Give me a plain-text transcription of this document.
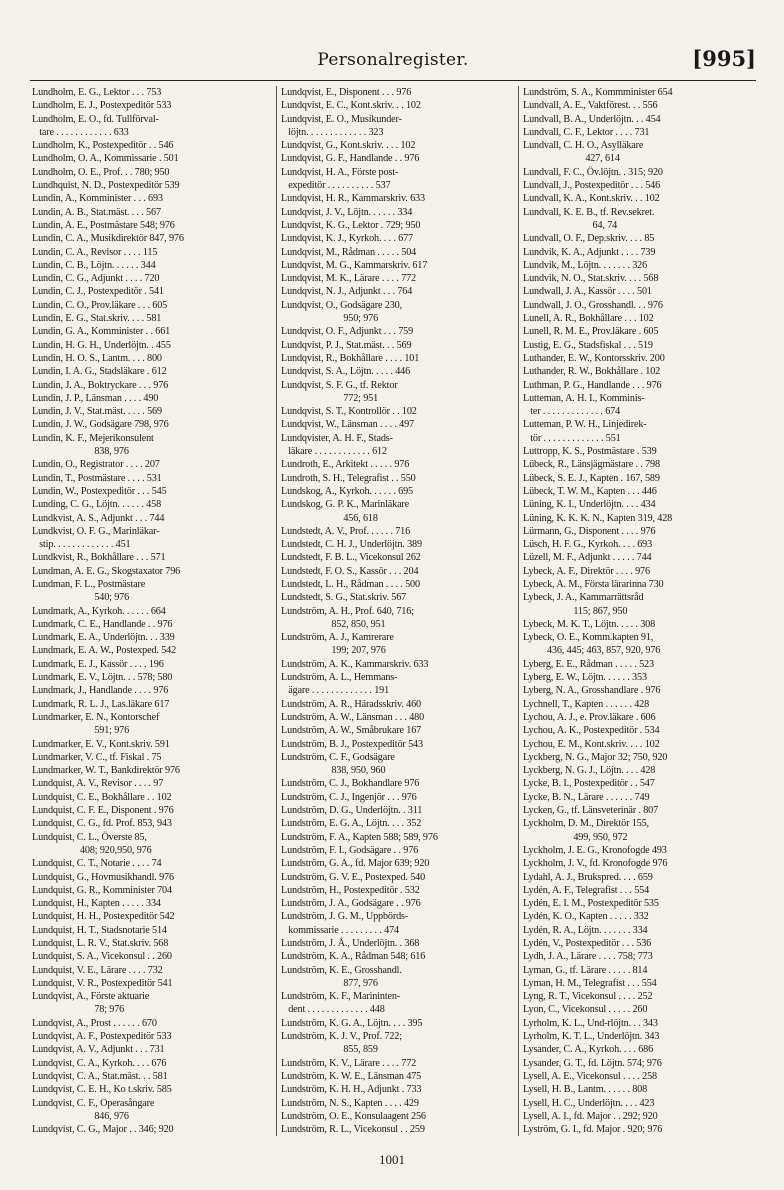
Personalregister.	[995]
Lundholm, E. G., Lektor . . . 753
Lundholm, E. J., Postexpeditör 533
Lundholm, E. O., fd. Tullförval-
tare . . . . . . . . . . . . 633
Lundholm, K., Postexpeditör . . 546
Lundholm, O. A., Kommissarie . 501
Lundholm, O. E., Prof. . . 780; 950
Lundhquist, N. D., Postexpeditör 539
Lundin, A., Komminister . . . 693
Lundin, A. B., Stat.mäst. . . . 567
Lundin, A. E., Postmästare 548; 976
Lundin, C. A., Musikdirektör 847, 976
Lundin, C. A., Revisor . . . . 115
Lundin, C. B., Löjtn. . . . . . 344
Lundin, C. G., Adjunkt . . . . 720
Lundin, C. J., Postexpeditör . 541
Lundin, C. O., Prov.läkare . . . 605
Lundin, E. G., Stat.skriv. . . . 581
Lundin, G. A., Komminister . . 661
Lundin, H. G. H., Underlöjtn. . 455
Lundin, H. O. S., Lantm. . . . 800
Lundin, I. A. G., Stadsläkare . 612
Lundin, J. A., Boktryckare . . . 976
Lundin, J. P., Länsman . . . . 490
Lundin, J. V., Stat.mäst. . . . . 569
Lundin, J. W., Godsägare 798, 976
Lundin, K. F., Mejerikonsulent
838, 976
Lundin, O., Registrator . . . . 207
Lundin, T., Postmästare . . . . 531
Lundin, W., Postexpeditör . . . 545
Lunding, C. G., Löjtn. . . . . . 458
Lundkvist, A. S., Adjunkt . . . 744
Lundkvist, O. F. G., Marinläkar-
stip. . . . . . . . . . . . . 451
Lundkvist, R., Bokhållare . . . 571
Lundman, A. E. G., Skogstaxator 796
Lundman, F. L., Postmästare
540; 976
Lundmark, A., Kyrkoh. . . . . . 664
Lundmark, C. E., Handlande . . 976
Lundmark, E. A., Underlöjtn. . . 339
Lundmark, E. A. W., Postexped. 542
Lundmark, E. J., Kassör . . . . 196
Lundmark, E. V., Löjtn. . . 578; 580
Lundmark, J., Handlande . . . . 976
Lundmark, R. L. J., Las.läkare 617
Lundmarker, E. N., Kontorschef
591; 976
Lundmarker, E. V., Kont.skriv. 591
Lundmarker, V. C., tf. Fiskal . 75
Lundmarker, W. T., Bankdirektör 976
Lundquist, A. V., Revisor . . . . 97
Lundquist, C. E., Bokhållare . . 102
Lundquist, C. F. E., Disponent . 976
Lundquist, C. G., fd. Prof. 853, 943
Lundquist, C. L., Överste 85,
408; 920,950, 976
Lundquist, C. T., Notarie . . . . 74
Lundquist, G., Hovmusikhandl. 976
Lundquist, G. R., Komminister 704
Lundquist, H., Kapten . . . . . 334
Lundquist, H. H., Postexpeditör 542
Lundquist, H. T., Stadsnotarie 514
Lundquist, L. R. V., Stat.skriv. 568
Lundquist, S. A., Vicekonsul . . 260
Lundquist, V. E., Lärare . . . . 732
Lundquist, V. R., Postexpeditör 541
Lundqvist, A., Förste aktuarie
78; 976
Lundqvist, A., Prost . . . . . . 670
Lundqvist, A. F., Postexpeditör 533
Lundqvist, A. V., Adjunkt . . . 731
Lundqvist, C. A., Kyrkoh. . . . 676
Lundqvist, C. A., Stat.mäst. . . 581
Lundqvist, C. E. H., Ko t.skriv. 585
Lundqvist, C. F., Operasångare
846, 976
Lundqvist, C. G., Major . . 346; 920
Lundqvist, E., Disponent . . . 976
Lundqvist, E. C., Kont.skriv. . . 102
Lundqvist, E. O., Musikunder-
löjtn. . . . . . . . . . . . . 323
Lundqvist, G., Kont.skriv. . . . 102
Lundqvist, G. F., Handlande . . 976
Lundqvist, H. A., Förste post-
expeditör . . . . . . . . . . 537
Lundqvist, H. R., Kammarskriv. 633
Lundqvist, J. V., Löjtn. . . . . . 334
Lundqvist, K. G., Lektor . 729; 950
Lundqvist, K. J., Kyrkoh. . . . 677
Lundqvist, M., Rådman . . . . . 504
Lundqvist, M. G., Kammarskriv. 617
Lundqvist, M. K., Lärare . . . . 772
Lundqvist, N. J., Adjunkt . . . 764
Lundqvist, O., Godsägare 230,
950; 976
Lundqvist, O. F., Adjunkt . . . 759
Lundqvist, P. J., Stat.mäst. . . 569
Lundqvist, R., Bokhållare . . . . 101
Lundqvist, S. A., Löjtn. . . . . 446
Lundqvist, S. F. G., tf. Rektor
772; 951
Lundqvist, S. T., Kontrollör . . 102
Lundqvist, W., Länsman . . . . 497
Lundqvister, A. H. F., Stads-
läkare . . . . . . . . . . . . 612
Lundroth, E., Arkitekt . . . . . 976
Lundroth, S. H., Telegrafist . . 550
Lundskog, A., Kyrkoh. . . . . . 695
Lundskog, G. P. K., Marinläkare
456, 618
Lundstedt, A. V., Prof. . . . . . 716
Lundstedt, C. H. J., Underlöjtn. 389
Lundstedt, F. B. L., Vicekonsul 262
Lundstedt, F. O. S., Kassör . . . 204
Lundstedt, L. H., Rådman . . . . 500
Lundstedt, S. G., Stat.skriv. 567
Lundström, A. H., Prof. 640, 716;
852, 850, 951
Lundström, A. J., Kamrerare
199; 207, 976
Lundström, A. K., Kammarskriv. 633
Lundström, A. L., Hemmans-
ägare . . . . . . . . . . . . . 191
Lundström, A. R., Häradsskriv. 460
Lundström, A. W., Länsman . . . 480
Lundström, A. W., Småbrukare 167
Lundström, B. J., Postexpeditör 543
Lundström, C. F., Godsägare
838, 950, 960
Lundström, C. J., Bokhandlare 976
Lundström, C. J., Ingenjör . . . 976
Lundström, D. G., Underlöjtn. . 311
Lundström, E. G. A., Löjtn. . . . 352
Lundström, F. A., Kapten 588; 589, 976
Lundström, F. I., Godsägare . . 976
Lundström, G. A., fd. Major 639; 920
Lundström, G. V. E., Postexped. 540
Lundström, H., Postexpeditör . 532
Lundström, J. A., Godsägare . . 976
Lundström, J. G. M., Uppbörds-
kommissarie . . . . . . . . . 474
Lundström, J. Å., Underlöjtn. . 368
Lundström, K. A., Rådman 548; 616
Lundström, K. E., Grosshandl.
877, 976
Lundström, K. F., Marininten-
dent . . . . . . . . . . . . . 448
Lundström, K. G. A., Löjtn. . . . 395
Lundström, K. J. V., Prof. 722;
855, 859
Lundström, K. V., Lärare . . . . 772
Lundström, K. W. E., Länsman 475
Lundström, K. H. H., Adjunkt . 733
Lundström, N. S., Kapten . . . . 429
Lundström, O. E., Konsulaagent 256
Lundström, R. L., Vicekonsul . . 259
Lundström, S. A., Kommminister 654
Lundvall, A. E., Vaktförest. . . 556
Lundvall, B. A., Underlöjtn. . . 454
Lundvall, C. F., Lektor . . . . 731
Lundvall, C. H. O., Asylläkare
427, 614
Lundvall, F. C., Öv.löjtn. . 315; 920
Lundvall, J., Postexpeditör . . . 546
Lundvall, K. A., Kont.skriv. . . 102
Lundvall, K. E. B., tf. Rev.sekret.
64, 74
Lundvall, O. F., Dep.skriv. . . . 85
Lundvik, K. A., Adjunkt . . . . 739
Lundvik, M., Löjtn. . . . . . . 326
Lundvik, N. O., Stat.skriv. . . . 568
Lundwall, J. A., Kassör . . . . 501
Lundwall, J. O., Grosshandl. . . 976
Lunell, A. R., Bokhållare . . . 102
Lunell, R. M. E., Prov.läkare . 605
Lustig, E. G., Stadsfiskal . . . 519
Luthander, E. W., Kontorsskriv. 200
Luthander, R. W., Bokhållare . 102
Luthman, P. G., Handlande . . . 976
Lutteman, A. H. I., Komminis-
ter . . . . . . . . . . . . . 674
Lutteman, P. W. H., Linjedirek-
tör . . . . . . . . . . . . . 551
Luttropp, K. S., Postmästare . 539
Lübeck, R., Länsjägmästare . . 798
Lübeck, S. E. J., Kapten . 167, 589
Lübeck, T. W. M., Kapten . . . 446
Lüning, K. I., Underlöjtn. . . . 434
Lüning, K. K. K. N., Kapten 319, 428
Lürmann, G., Disponent . . . . 976
Lüsch, H. F. G., Kyrkoh. . . . 693
Lüzell, M. F., Adjunkt . . . . . 744
Lybeck, A. F., Direktör . . . . 976
Lybeck, A. M., Första lärarinna 730
Lybeck, J. A., Kammarrättsråd
115; 867, 950
Lybeck, M. K. T., Löjtn. . . . . 308
Lybeck, O. E., Komm.kapten 91,
436, 445; 463, 857, 920, 976
Lyberg, E. E., Rådman . . . . . 523
Lyberg, E. W., Löjtn. . . . . . 353
Lyberg, N. A., Grosshandlare . 976
Lychnell, T., Kapten . . . . . . 428
Lychou, A. J., e. Prov.läkare . 606
Lychou, A. K., Postexpeditör . 534
Lychou, E. M., Kont.skriv. . . . 102
Lyckberg, N. G., Major 32; 750, 920
Lyckberg, N. G. J., Löjtn. . . . 428
Lycke, B. I., Postexpeditör . . 547
Lycke, B. N., Lärare . . . . . . 749
Lycken, G., tf. Länsveterinär . 807
Lyckholm, D. M., Direktör 155,
499, 950, 972
Lyckholm, J. E. G., Kronofogde 493
Lyckholm, J. V., fd. Kronofogde 976
Lydahl, A. J., Brukspred. . . . 659
Lydén, A. F., Telegrafist . . . 554
Lydén, E. I. M., Postexpeditör 535
Lydén, K. O., Kapten . . . . . 332
Lydén, R. A., Löjtn. . . . . . . 334
Lydén, V., Postexpeditör . . . 536
Lydh, J. A., Lärare . . . . 758; 773
Lyman, G., tf. Lärare . . . . . 814
Lyman, H. M., Telegrafist . . . 554
Lyng, R. T., Vicekonsul . . . . 252
Lyon, C., Vicekonsul . . . . . 260
Lyrholm, K. L., Und-rlöjtn. . . 343
Lyrholm, K. T. L., Underlöjtn. 343
Lysander, C. A., Kyrkoh. . . . 686
Lysander, G. T., fd. Löjtn. 574; 976
Lysell, A. E., Vicekonsul . . . . 258
Lysell, H. B., Lantm. . . . . . 808
Lysell, H. C., Underlöjtn. . . . 423
Lysell, A. I., fd. Major . . 292; 920
Lyström, G. I., fd. Major . 920; 976
1001
